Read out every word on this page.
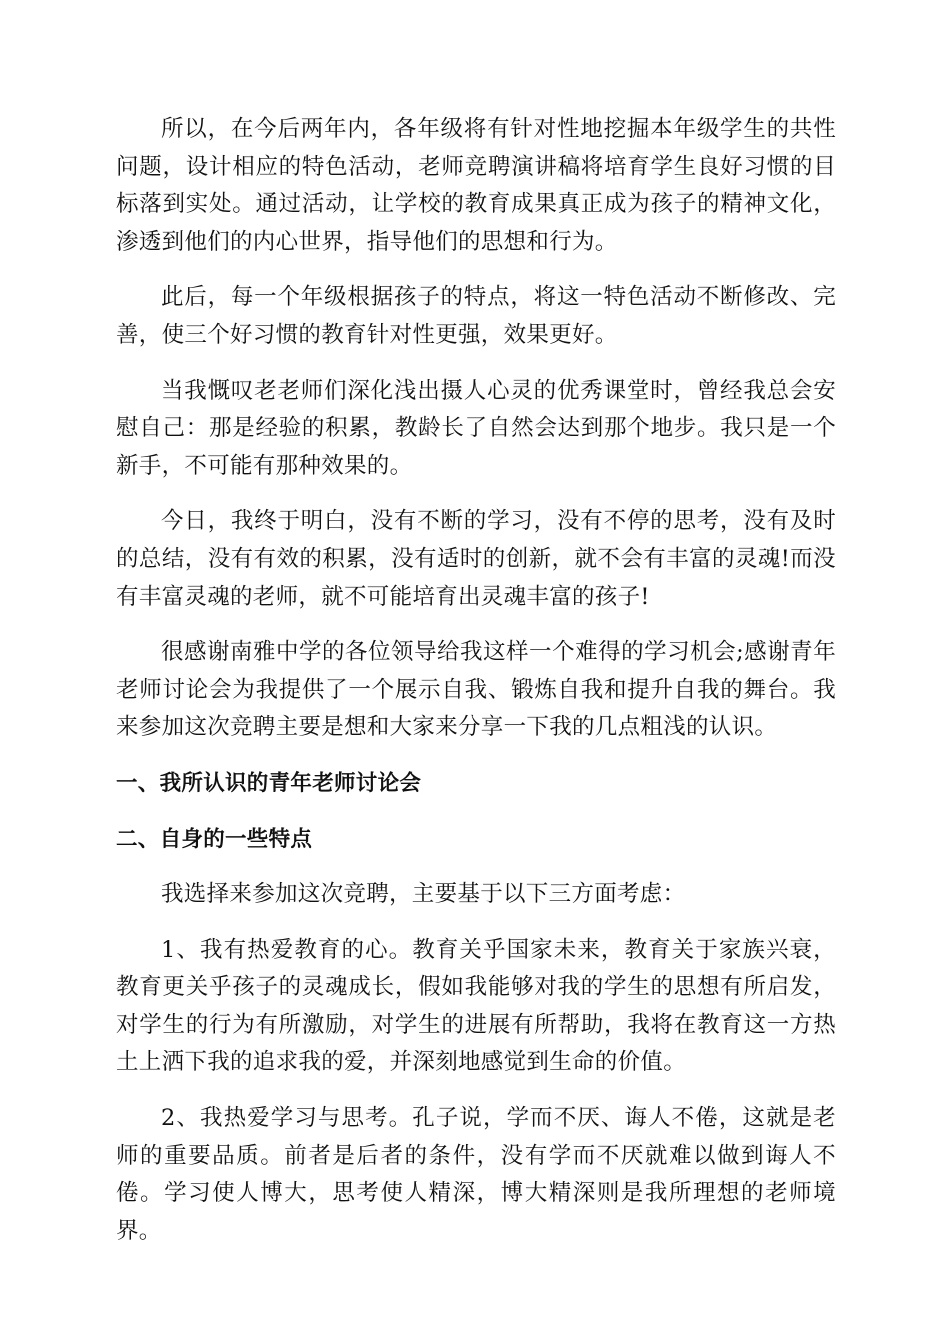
所以，在今后两年内，各年级将有针对性地挖掘本年级学生的共性问题，设计相应的特色活动，老师竞聘演讲稿将培育学生良好习惯的目标落到实处。通过活动，让学校的教育成果真正成为孩子的精神文化，渗透到他们的内心世界，指导他们的思想和行为。

此后，每一个年级根据孩子的特点，将这一特色活动不断修改、完善，使三个好习惯的教育针对性更强，效果更好。

当我慨叹老老师们深化浅出摄人心灵的优秀课堂时，曾经我总会安慰自己：那是经验的积累，教龄长了自然会达到那个地步。我只是一个新手，不可能有那种效果的。

今日，我终于明白，没有不断的学习，没有不停的思考，没有及时的总结，没有有效的积累，没有适时的创新，就不会有丰富的灵魂!而没有丰富灵魂的老师，就不可能培育出灵魂丰富的孩子!

很感谢南雅中学的各位领导给我这样一个难得的学习机会;感谢青年老师讨论会为我提供了一个展示自我、锻炼自我和提升自我的舞台。我来参加这次竞聘主要是想和大家来分享一下我的几点粗浅的认识。

一、我所认识的青年老师讨论会
二、自身的一些特点

我选择来参加这次竞聘，主要基于以下三方面考虑：

1、我有热爱教育的心。教育关乎国家未来，教育关于家族兴衰，教育更关乎孩子的灵魂成长，假如我能够对我的学生的思想有所启发，对学生的行为有所激励，对学生的进展有所帮助，我将在教育这一方热土上洒下我的追求我的爱，并深刻地感觉到生命的价值。

2、我热爱学习与思考。孔子说，学而不厌、诲人不倦，这就是老师的重要品质。前者是后者的条件，没有学而不厌就难以做到诲人不倦。学习使人博大，思考使人精深，博大精深则是我所理想的老师境界。
